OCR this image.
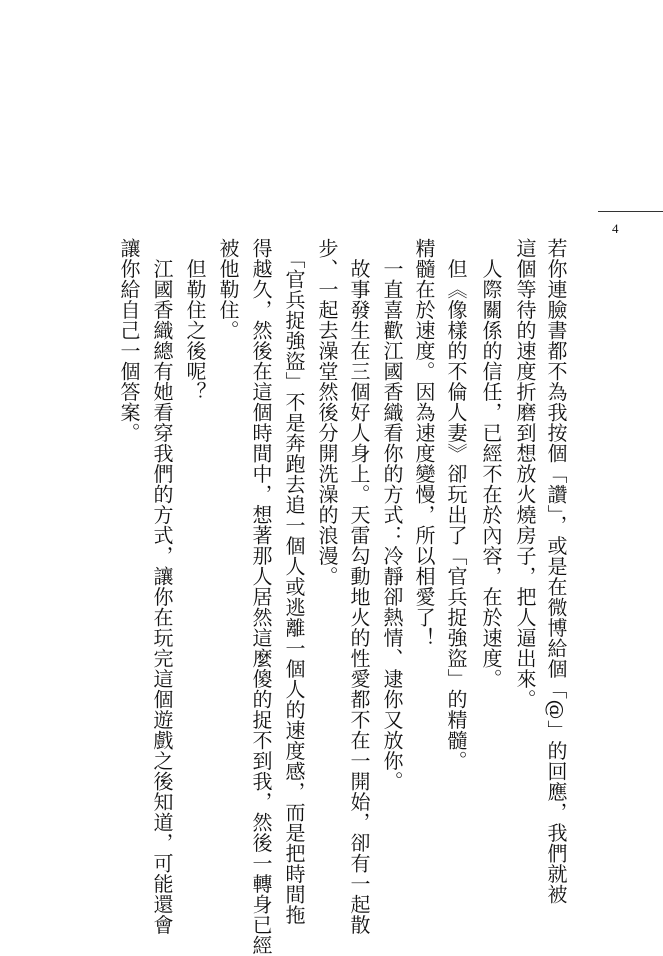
4
若你連臉書都不為我按個「讚」，或是在微博給個「@」的回應，我們就被
這個等待的速度折磨到想放火燒房子，把人逼出來。
　人際關係的信任，已經不在於內容，在於速度。
　但《像樣的不倫人妻》卻玩出了「官兵捉強盜」的精髓。
精髓在於速度。因為速度變慢，所以相愛了！
　一直喜歡江國香織看你的方式：冷靜卻熱情、逮你又放你。
　故事發生在三個好人身上。天雷勾動地火的性愛都不在一開始，卻有一起散
步、一起去澡堂然後分開洗澡的浪漫。
　「官兵捉強盜」不是奔跑去追一個人或逃離一個人的速度感，而是把時間拖
得越久，然後在這個時間中，想著那人居然這麼傻的捉不到我，然後一轉身已經
被他勒住。
　但勒住之後呢？
　江國香織總有她看穿我們的方式，讓你在玩完這個遊戲之後知道，可能還會
讓你給自己一個答案。
